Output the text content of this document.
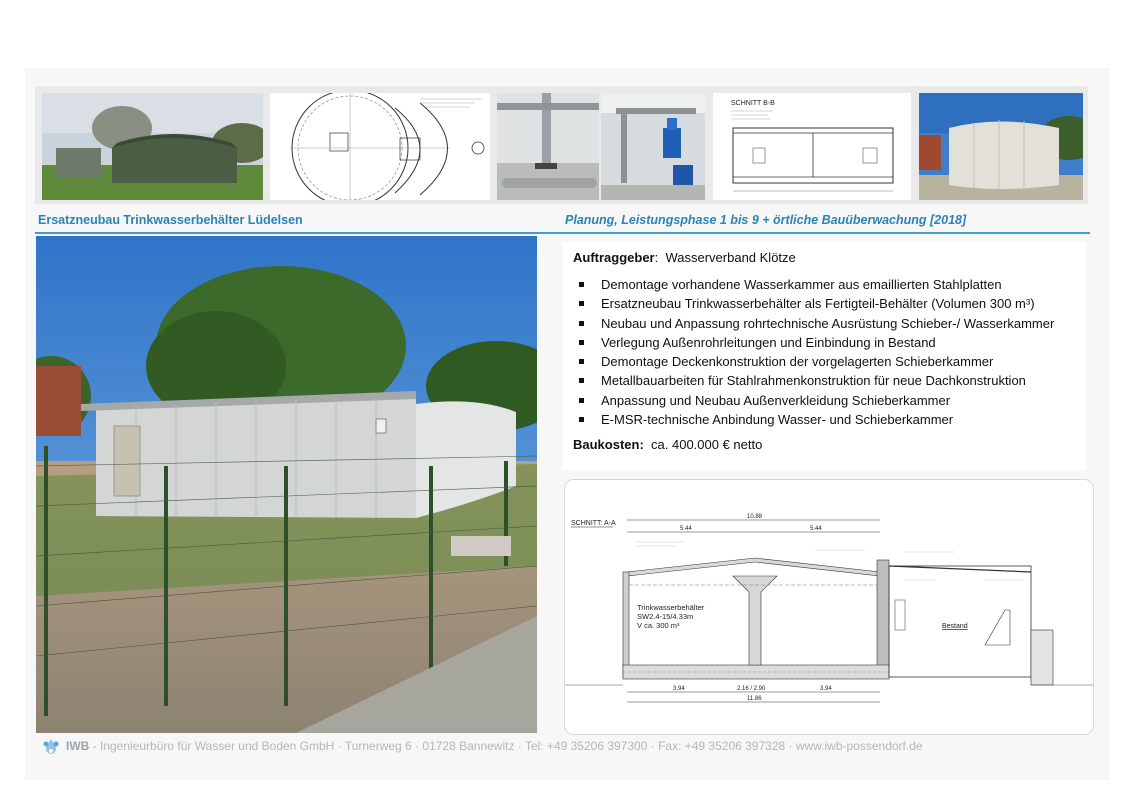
SCHNITT B-B
Ersatzneubau Trinkwasserbehälter Lüdelsen	Planung, Leistungsphase 1 bis 9 + örtliche Bauüberwachung [2018]
Auftraggeber:  Wasserverband Klötze
Demontage vorhandene Wasserkammer aus emaillierten Stahlplatten
Ersatzneubau Trinkwasserbehälter als Fertigteil-Behälter (Volumen 300 m³)
Neubau und Anpassung rohrtechnische Ausrüstung Schieber-/ Wasserkammer
Verlegung Außenrohrleitungen und Einbindung in Bestand
Demontage Deckenkonstruktion der vorgelagerten Schieberkammer
Metallbauarbeiten für Stahlrahmenkonstruktion für neue Dachkonstruktion
Anpassung und Neubau Außenverkleidung Schieberkammer
E-MSR-technische Anbindung Wasser- und Schieberkammer
Baukosten: ca. 400.000 € netto
SCHNITT: A-A
10.88
5.44	5.44
Trinkwasserbehälter
SW2.4-15/4.33m
V ca. 300 m³	Bestand
3.94	2.16 / 2.90	3.94
11.86
IWB - Ingenieurbüro für Wasser und Boden GmbH · Turnerweg 6 · 01728 Bannewitz · Tel: +49 35206 397300 · Fax: +49 35206 397328 · www.iwb-possendorf.de
